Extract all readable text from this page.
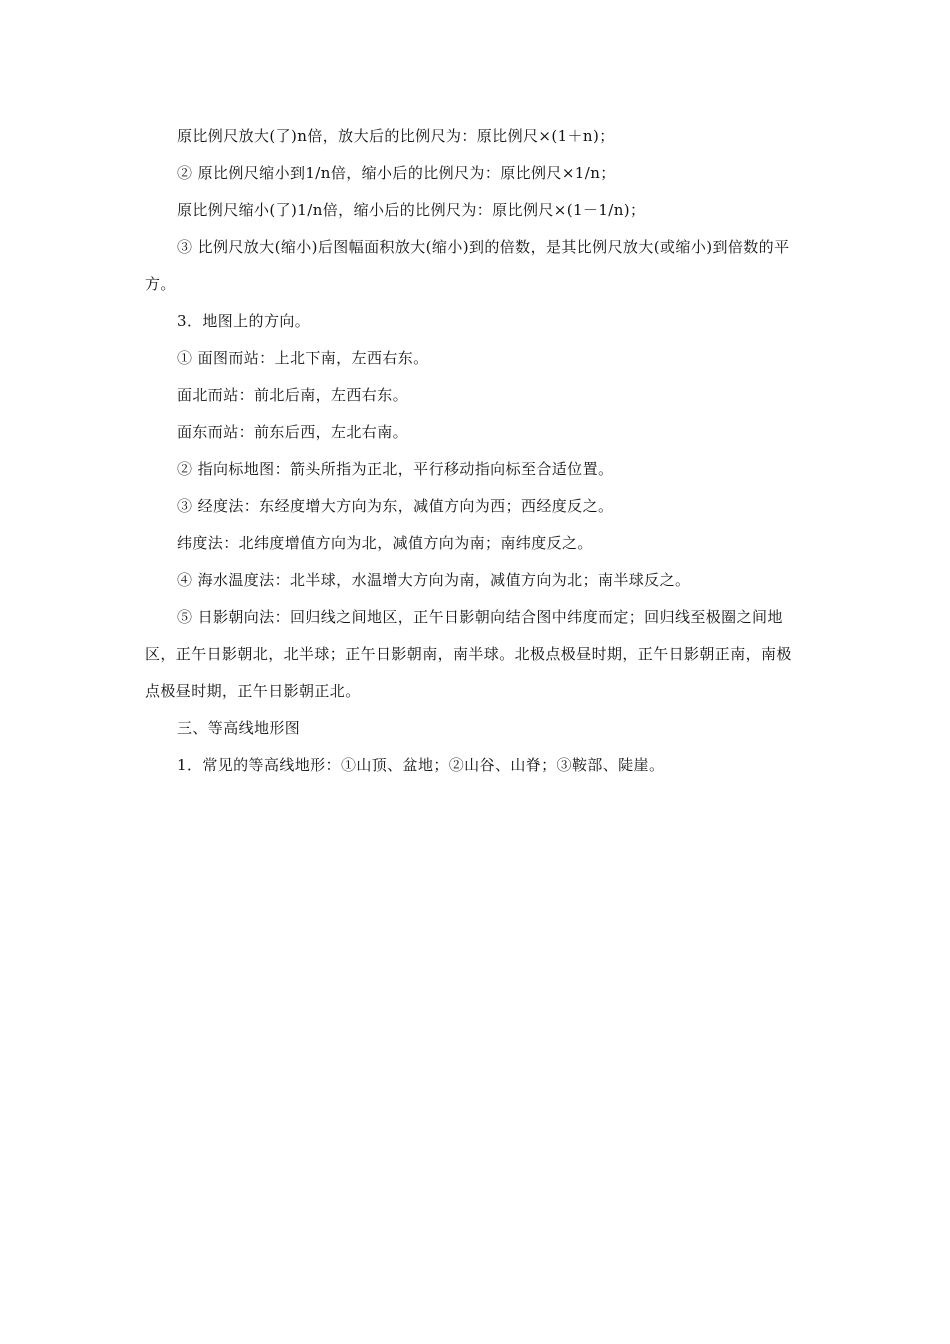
原比例尺放大(了)n倍，放大后的比例尺为：原比例尺×(1＋n)；

② 原比例尺缩小到1/n倍，缩小后的比例尺为：原比例尺×1/n；

原比例尺缩小(了)1/n倍，缩小后的比例尺为：原比例尺×(1－1/n)；

③ 比例尺放大(缩小)后图幅面积放大(缩小)到的倍数，是其比例尺放大(或缩小)到倍数的平方。

3．地图上的方向。

① 面图而站：上北下南，左西右东。

面北而站：前北后南，左西右东。

面东而站：前东后西，左北右南。

② 指向标地图：箭头所指为正北，平行移动指向标至合适位置。

③ 经度法：东经度增大方向为东，减值方向为西；西经度反之。

纬度法：北纬度增值方向为北，减值方向为南；南纬度反之。

④ 海水温度法：北半球，水温增大方向为南，减值方向为北；南半球反之。

⑤ 日影朝向法：回归线之间地区，正午日影朝向结合图中纬度而定；回归线至极圈之间地区，正午日影朝北，北半球；正午日影朝南，南半球。北极点极昼时期，正午日影朝正南，南极点极昼时期，正午日影朝正北。

三、等高线地形图

1．常见的等高线地形：①山顶、盆地；②山谷、山脊；③鞍部、陡崖。
